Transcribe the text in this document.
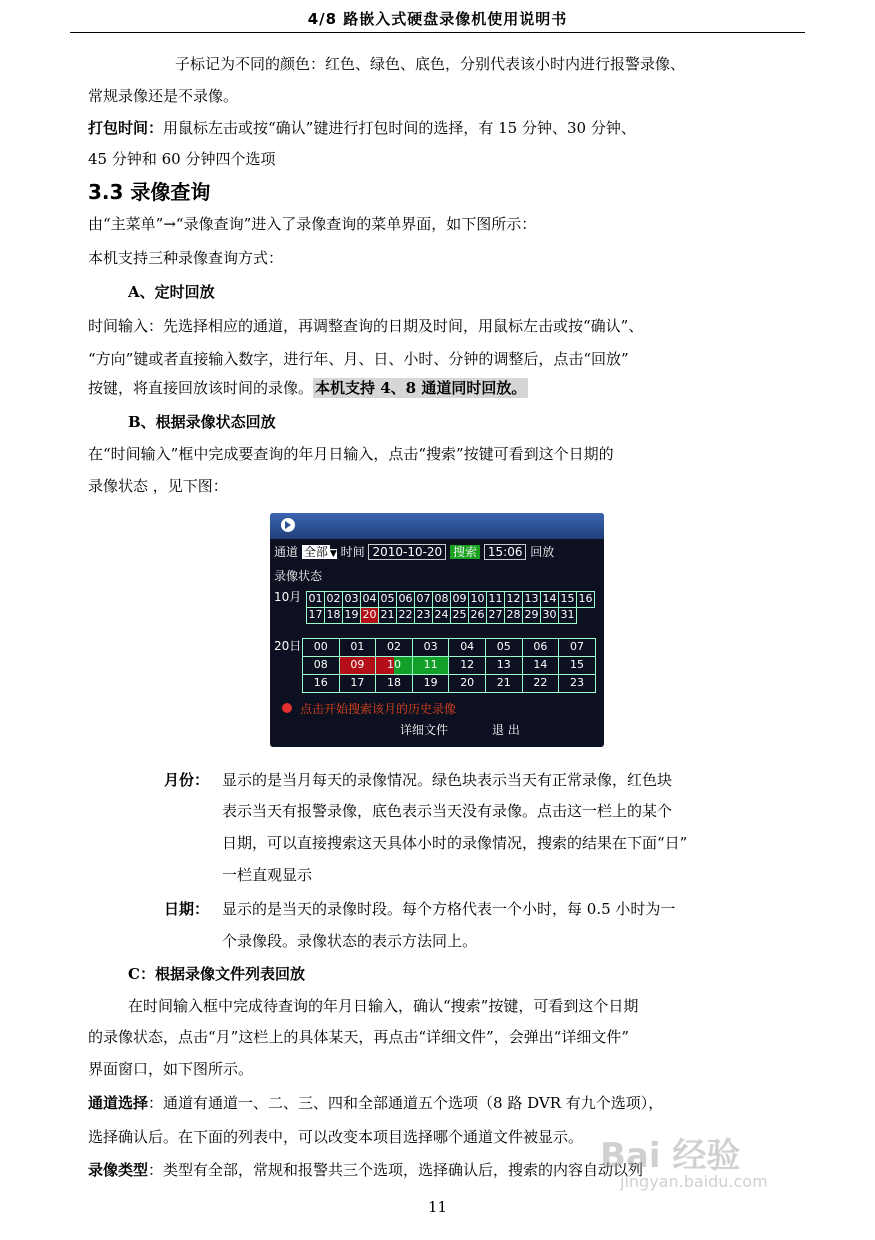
4/8 路嵌入式硬盘录像机使用说明书
子标记为不同的颜色：红色、绿色、底色，分别代表该小时内进行报警录像、
常规录像还是不录像。
打包时间：用鼠标左击或按“确认”键进行打包时间的选择，有 15 分钟、30 分钟、
45 分钟和 60 分钟四个选项
3.3 录像查询
由“主菜单”→“录像查询”进入了录像查询的菜单界面，如下图所示：
本机支持三种录像查询方式：
A、定时回放
时间输入：先选择相应的通道，再调整查询的日期及时间，用鼠标左击或按“确认”、
“方向”键或者直接输入数字，进行年、月、日、小时、分钟的调整后，点击“回放”
按键，将直接回放该时间的录像。 本机支持 4、8 通道同时回放。
B、根据录像状态回放
在“时间输入”框中完成要查询的年月日输入，点击“搜索”按键可看到这个日期的
录像状态 ，见下图：
通道 全部 ▼ 时间 2010-10-20 搜索 15:06 回放
录像状态
10月
20日
点击开始搜索该月的历史录像
详细文件	退 出
01 02 03 04 05 06 07 08 09 10 11 12 13 14 15 16
17 18 19 20 21 22 23 24 25 26 27 28 29 30 31
00	01	02	03	04	05	06	07
08	09	10	11	12	13	14	15
16	17	18	19	20	21	22	23
月份： 显示的是当月每天的录像情况。绿色块表示当天有正常录像，红色块
表示当天有报警录像，底色表示当天没有录像。点击这一栏上的某个
日期，可以直接搜索这天具体小时的录像情况，搜索的结果在下面“日”
一栏直观显示
日期： 显示的是当天的录像时段。每个方格代表一个小时，每 0.5 小时为一
个录像段。录像状态的表示方法同上。
C：根据录像文件列表回放
在时间输入框中完成待查询的年月日输入，确认“搜索”按键，可看到这个日期
的录像状态，点击“月”这栏上的具体某天，再点击“详细文件”，会弹出“详细文件”
界面窗口，如下图所示。
通道选择：通道有通道一、二、三、四和全部通道五个选项（8 路 DVR 有九个选项），
选择确认后。在下面的列表中，可以改变本项目选择哪个通道文件被显示。
录像类型：类型有全部，常规和报警共三个选项，选择确认后，搜索的内容自动以列
Bai 经验
jingyan.baidu.com
11
